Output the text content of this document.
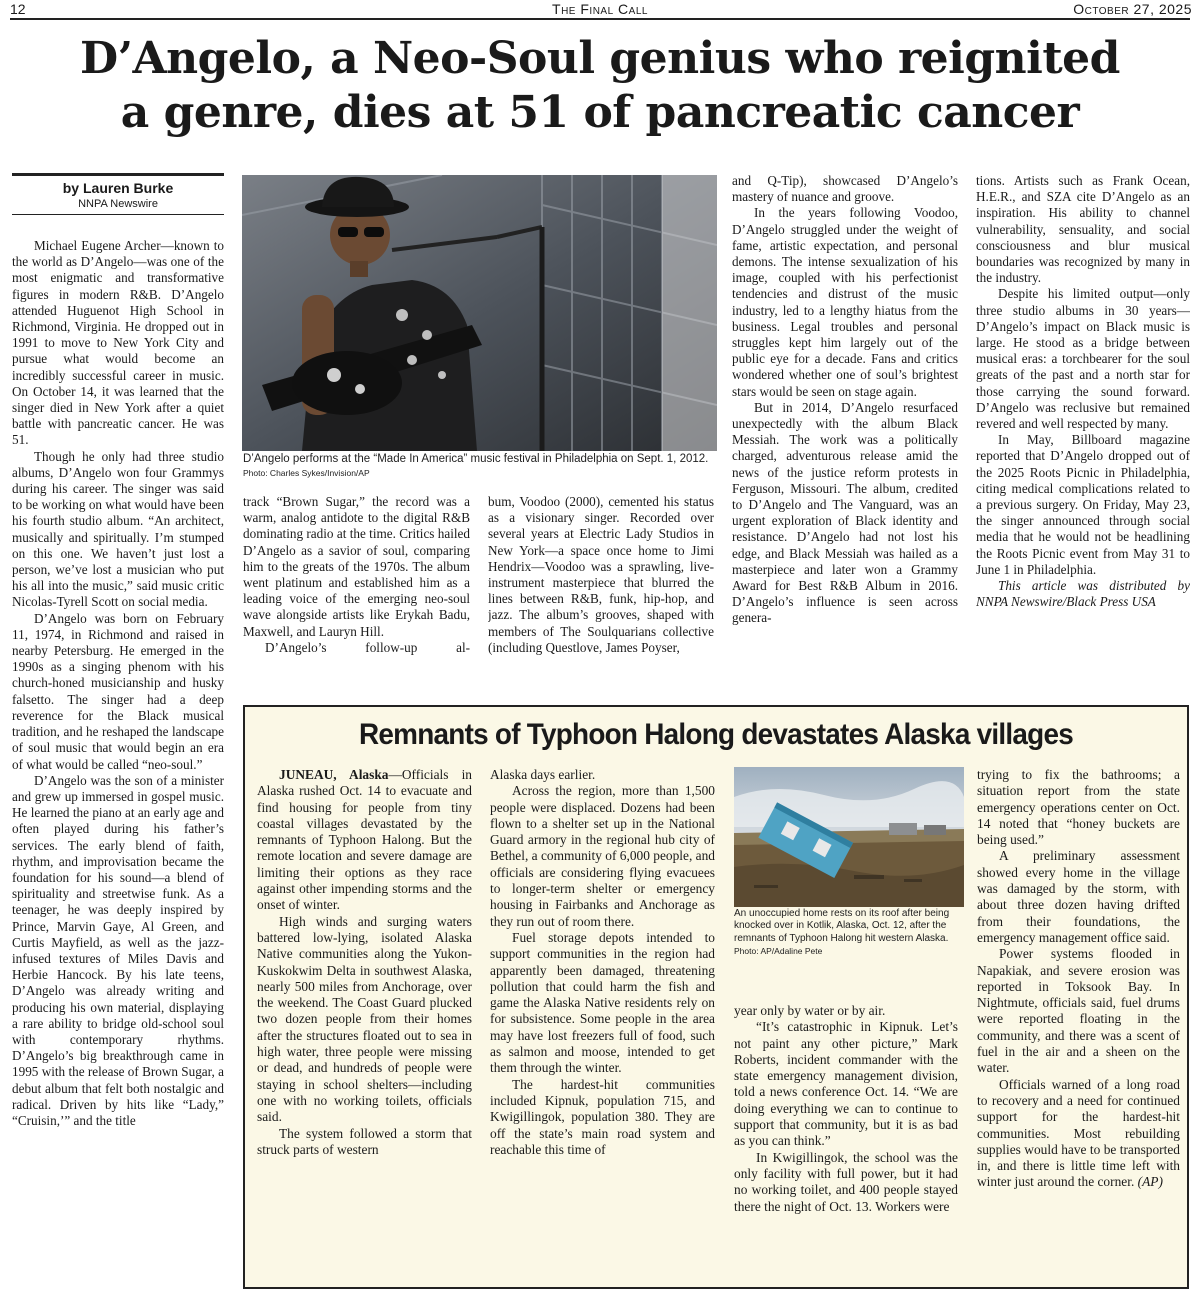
12	The Final Call	October 27, 2025
D’Angelo, a Neo-Soul genius who reignited
a genre, dies at 51 of pancreatic cancer
by Lauren Burke
NNPA Newswire

Michael Eugene Archer—known to the world as D’Angelo—was one of the most enigmatic and transformative figures in modern R&B. D’Angelo attended Huguenot High School in Richmond, Virginia. He dropped out in 1991 to move to New York City and pursue what would become an incredibly successful career in music. On October 14, it was learned that the singer died in New York after a quiet battle with pancreatic cancer. He was 51.

Though he only had three studio albums, D’Angelo won four Grammys during his career. The singer was said to be working on what would have been his fourth studio album. “An architect, musically and spiritually. I’m stumped on this one. We haven’t just lost a person, we’ve lost a musician who put his all into the music,” said music critic Nicolas-Tyrell Scott on social media.

D’Angelo was born on February 11, 1974, in Richmond and raised in nearby Petersburg. He emerged in the 1990s as a singing phenom with his church-honed musicianship and husky falsetto. The singer had a deep reverence for the Black musical tradition, and he reshaped the landscape of soul music that would begin an era of what would be called “neo-soul.”

D’Angelo was the son of a minister and grew up immersed in gospel music. He learned the piano at an early age and often played during his father’s services. The early blend of faith, rhythm, and improvisation became the foundation for his sound—a blend of spirituality and streetwise funk. As a teenager, he was deeply inspired by Prince, Marvin Gaye, Al Green, and Curtis Mayfield, as well as the jazz-infused textures of Miles Davis and Herbie Hancock. By his late teens, D’Angelo was already writing and producing his own material, displaying a rare ability to bridge old-school soul with contemporary rhythms. D’Angelo’s big breakthrough came in 1995 with the release of Brown Sugar, a debut album that felt both nostalgic and radical. Driven by hits like “Lady,” “Cruisin,’” and the title

D’Angelo performs at the “Made In America” music festival in Philadelphia on Sept. 1, 2012. Photo: Charles Sykes/Invision/AP

track “Brown Sugar,” the record was a warm, analog antidote to the digital R&B dominating radio at the time. Critics hailed D’Angelo as a savior of soul, comparing him to the greats of the 1970s. The album went platinum and established him as a leading voice of the emerging neo-soul wave alongside artists like Erykah Badu, Maxwell, and Lauryn Hill.

D’Angelo’s follow-up al-

bum, Voodoo (2000), cemented his status as a visionary singer. Recorded over several years at Electric Lady Studios in New York—a space once home to Jimi Hendrix—Voodoo was a sprawling, live-instrument masterpiece that blurred the lines between R&B, funk, hip-hop, and jazz. The album’s grooves, shaped with members of The Soulquarians collective (including Questlove, James Poyser,

and Q-Tip), showcased D’Angelo’s mastery of nuance and groove.

In the years following Voodoo, D’Angelo struggled under the weight of fame, artistic expectation, and personal demons. The intense sexualization of his image, coupled with his perfectionist tendencies and distrust of the music industry, led to a lengthy hiatus from the business. Legal troubles and personal struggles kept him largely out of the public eye for a decade. Fans and critics wondered whether one of soul’s brightest stars would be seen on stage again.

But in 2014, D’Angelo resurfaced unexpectedly with the album Black Messiah. The work was a politically charged, adventurous release amid the news of the justice reform protests in Ferguson, Missouri. The album, credited to D’Angelo and The Vanguard, was an urgent exploration of Black identity and resistance. D’Angelo had not lost his edge, and Black Messiah was hailed as a masterpiece and later won a Grammy Award for Best R&B Album in 2016. D’Angelo’s influence is seen across genera-

tions. Artists such as Frank Ocean, H.E.R., and SZA cite D’Angelo as an inspiration. His ability to channel vulnerability, sensuality, and social consciousness and blur musical boundaries was recognized by many in the industry.

Despite his limited output—only three studio albums in 30 years—D’Angelo’s impact on Black music is large. He stood as a bridge between musical eras: a torchbearer for the soul greats of the past and a north star for those carrying the sound forward. D’Angelo was reclusive but remained revered and well respected by many.

In May, Billboard magazine reported that D’Angelo dropped out of the 2025 Roots Picnic in Philadelphia, citing medical complications related to a previous surgery. On Friday, May 23, the singer announced through social media that he would not be headlining the Roots Picnic event from May 31 to June 1 in Philadelphia.

This article was distributed by NNPA Newswire/Black Press USA

Remnants of Typhoon Halong devastates Alaska villages

JUNEAU, Alaska—Officials in Alaska rushed Oct. 14 to evacuate and find housing for people from tiny coastal villages devastated by the remnants of Typhoon Halong. But the remote location and severe damage are limiting their options as they race against other impending storms and the onset of winter.

High winds and surging waters battered low-lying, isolated Alaska Native communities along the Yukon-Kuskokwim Delta in southwest Alaska, nearly 500 miles from Anchorage, over the weekend. The Coast Guard plucked two dozen people from their homes after the structures floated out to sea in high water, three people were missing or dead, and hundreds of people were staying in school shelters—including one with no working toilets, officials said.

The system followed a storm that struck parts of western

Alaska days earlier.

Across the region, more than 1,500 people were displaced. Dozens had been flown to a shelter set up in the National Guard armory in the regional hub city of Bethel, a community of 6,000 people, and officials are considering flying evacuees to longer-term shelter or emergency housing in Fairbanks and Anchorage as they run out of room there.

Fuel storage depots intended to support communities in the region had apparently been damaged, threatening pollution that could harm the fish and game the Alaska Native residents rely on for subsistence. Some people in the area may have lost freezers full of food, such as salmon and moose, intended to get them through the winter.

The hardest-hit communities included Kipnuk, population 715, and Kwigillingok, population 380. They are off the state’s main road system and reachable this time of

An unoccupied home rests on its roof after being knocked over in Kotlik, Alaska, Oct. 12, after the remnants of Typhoon Halong hit western Alaska.
Photo: AP/Adaline Pete

year only by water or by air.

“It’s catastrophic in Kipnuk. Let’s not paint any other picture,” Mark Roberts, incident commander with the state emergency management division, told a news conference Oct. 14. “We are doing everything we can to continue to support that community, but it is as bad as you can think.”

In Kwigillingok, the school was the only facility with full power, but it had no working toilet, and 400 people stayed there the night of Oct. 13. Workers were

trying to fix the bathrooms; a situation report from the state emergency operations center on Oct. 14 noted that “honey buckets are being used.”

A preliminary assessment showed every home in the village was damaged by the storm, with about three dozen having drifted from their foundations, the emergency management office said.

Power systems flooded in Napakiak, and severe erosion was reported in Toksook Bay. In Nightmute, officials said, fuel drums were reported floating in the community, and there was a scent of fuel in the air and a sheen on the water.

Officials warned of a long road to recovery and a need for continued support for the hardest-hit communities. Most rebuilding supplies would have to be transported in, and there is little time left with winter just around the corner. (AP)
